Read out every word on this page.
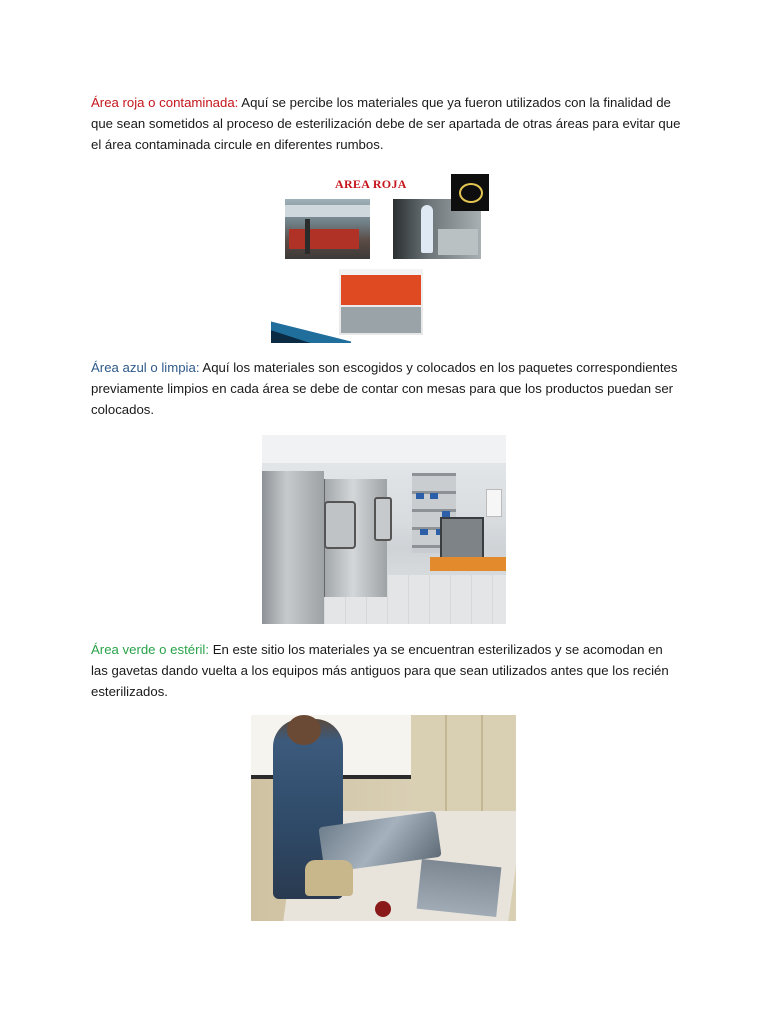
Área roja o contaminada: Aquí se percibe los materiales que ya fueron utilizados con la finalidad de que sean sometidos al proceso de esterilización debe de ser apartada de otras áreas para evitar que el área contaminada circule en diferentes rumbos.

AREA ROJA

Área azul o limpia: Aquí los materiales son escogidos y colocados en los paquetes correspondientes previamente limpios en cada área se debe de contar con mesas para que los productos puedan ser colocados.

Área verde o estéril: En este sitio los materiales ya se encuentran esterilizados y se acomodan en las gavetas dando vuelta a los equipos más antiguos para que sean utilizados antes que los recién esterilizados.
